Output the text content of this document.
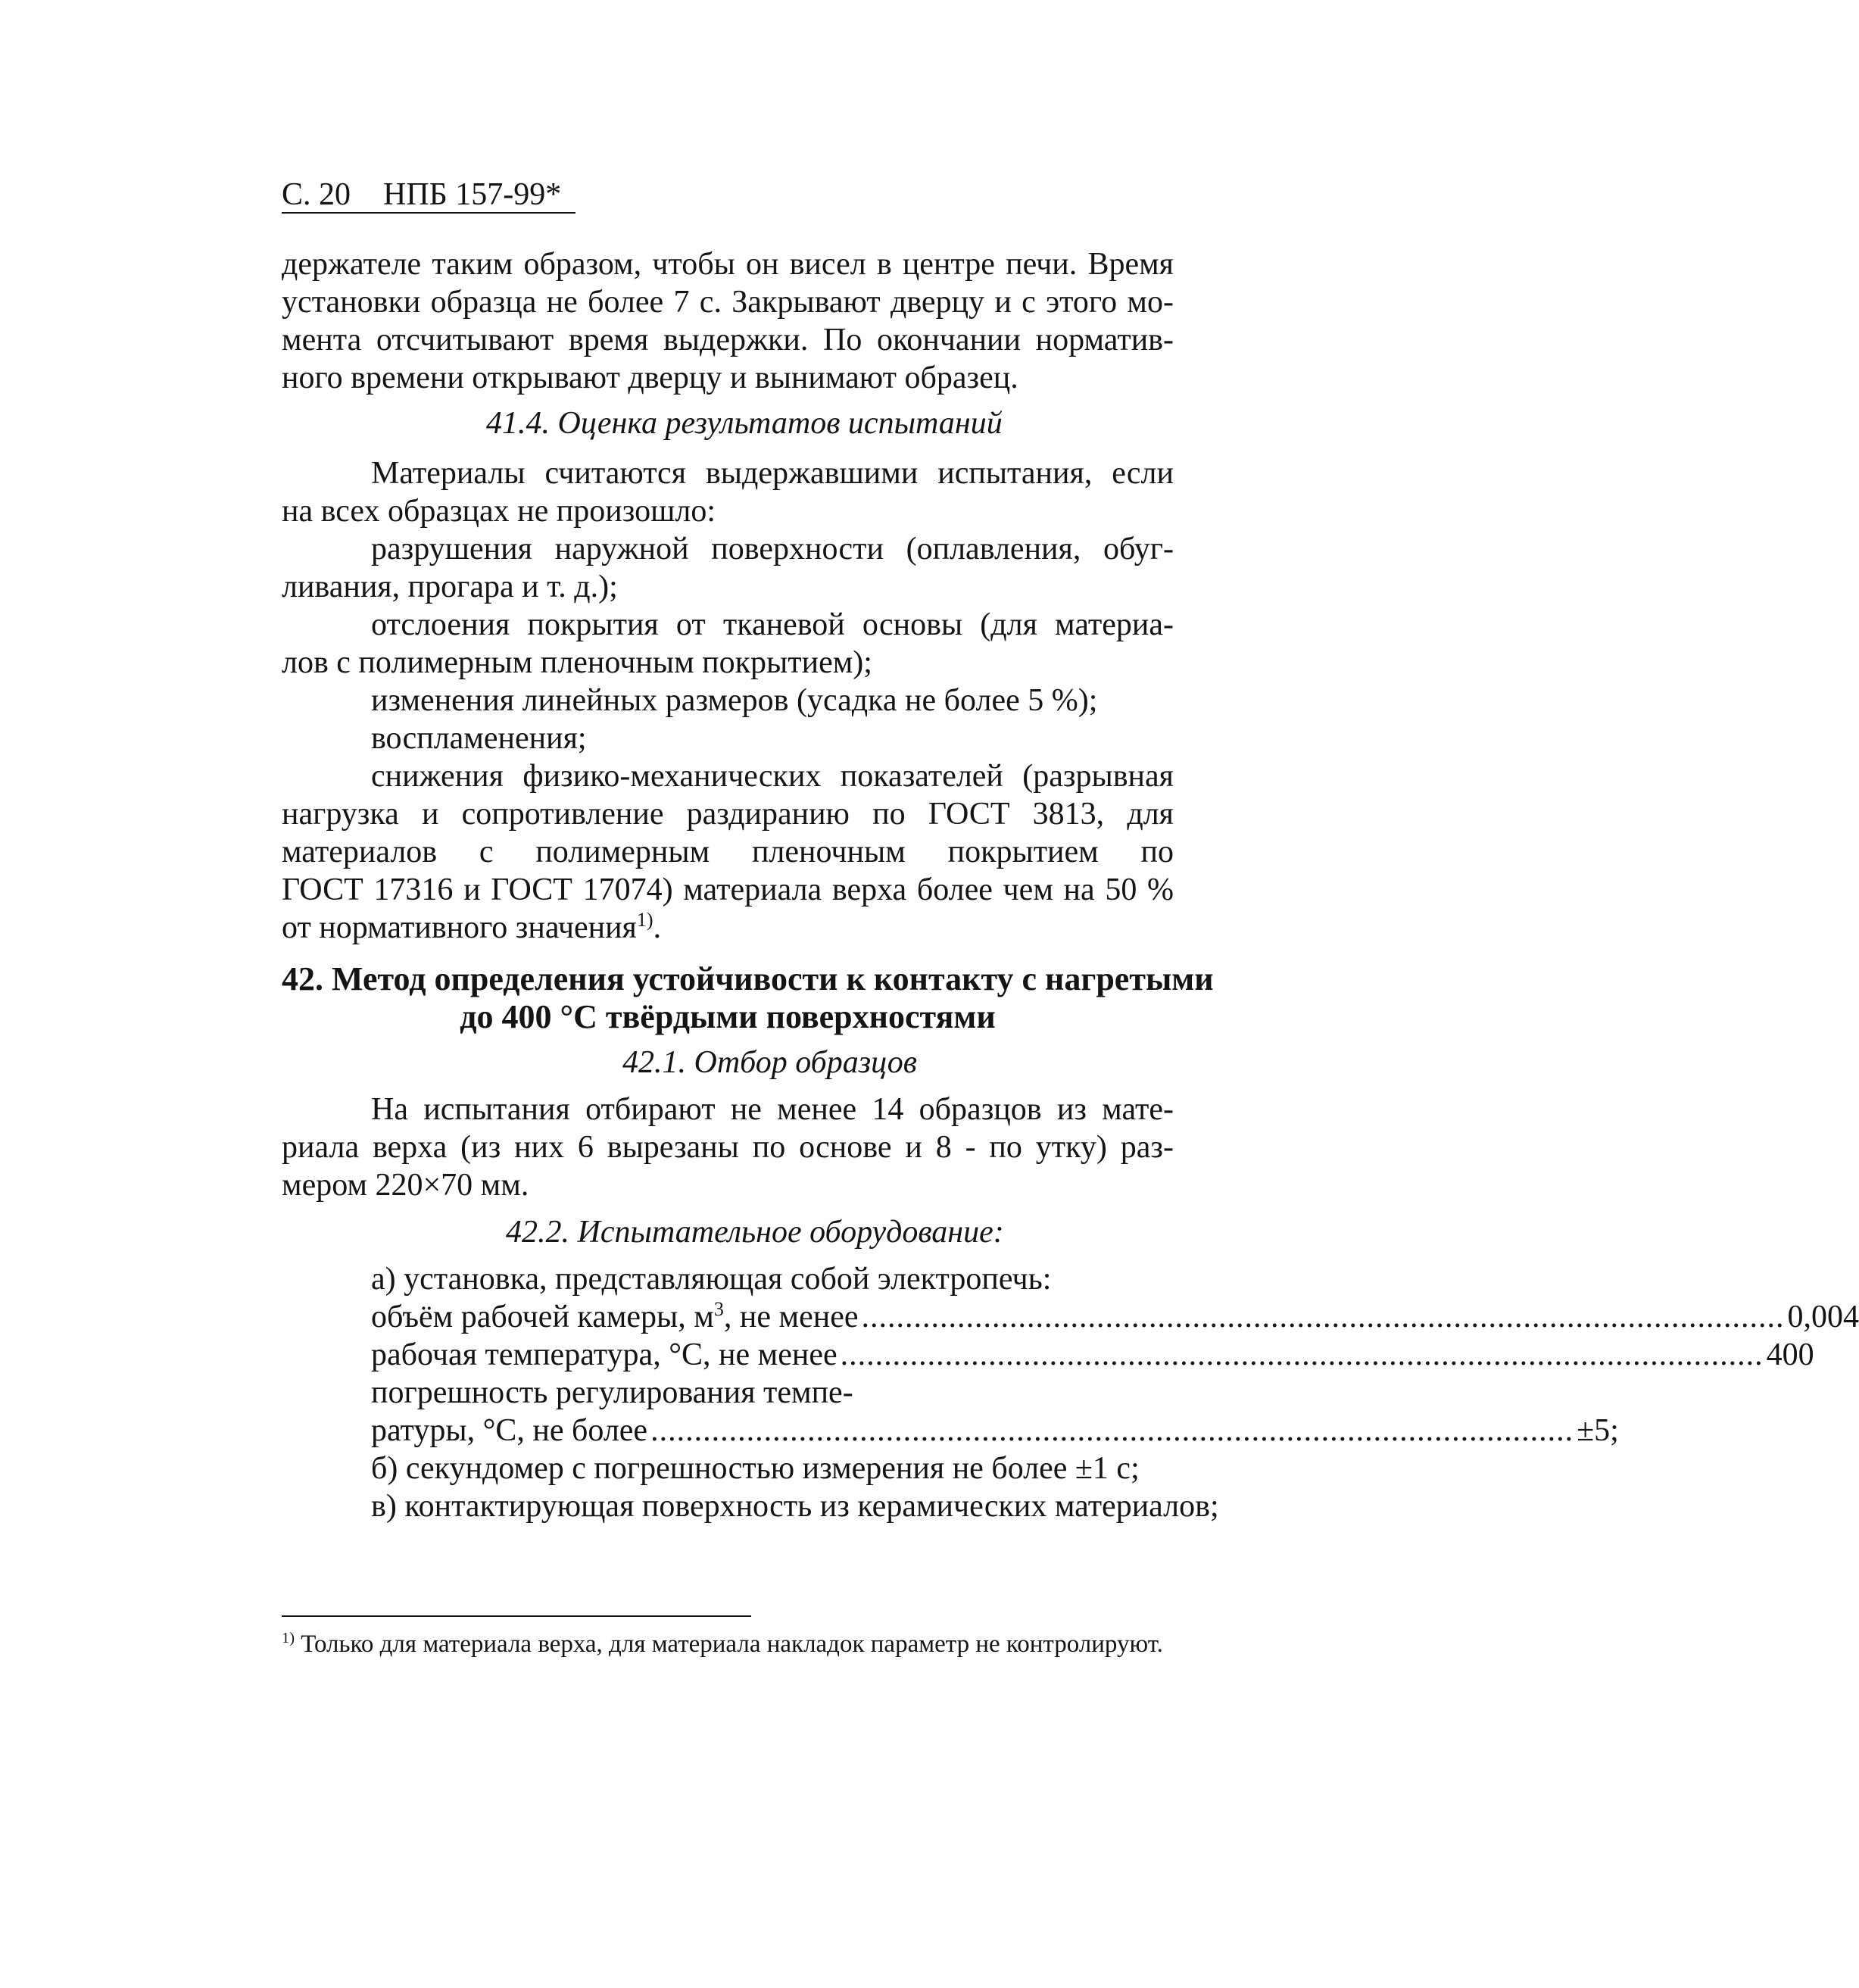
С. 20 НПБ 157-99*
держателе таким образом, чтобы он висел в центре печи. Время
установки образца не более 7 с. Закрывают дверцу и с этого мо-
мента отсчитывают время выдержки. По окончании норматив-
ного времени открывают дверцу и вынимают образец.
41.4. Оценка результатов испытаний
Материалы считаются выдержавшими испытания, если
на всех образцах не произошло:
разрушения наружной поверхности (оплавления, обуг-
ливания, прогара и т. д.);
отслоения покрытия от тканевой основы (для материа-
лов с полимерным пленочным покрытием);
изменения линейных размеров (усадка не более 5 %);
воспламенения;
снижения физико-механических показателей (разрывная
нагрузка и сопротивление раздиранию по ГОСТ 3813, для
материалов с полимерным пленочным покрытием по
ГОСТ 17316 и ГОСТ 17074) материала верха более чем на 50 %
от нормативного значения$^{1)}$.
42. Метод определения устойчивости к контакту с нагретыми
до 400 °С твёрдыми поверхностями
42.1. Отбор образцов
На испытания отбирают не менее 14 образцов из мате-
риала верха (из них 6 вырезаны по основе и 8 - по утку) раз-
мером 220×70 мм.
42.2. Испытательное оборудование:
а) установка, представляющая собой электропечь:
объём рабочей камеры, $м^3$, не менее .......................................................................................................... 0,004
рабочая температура, °С, не менее .......................................................................................................... 400
погрешность регулирования темпе-
ратуры, °С, не более .......................................................................................................... ±5;
б) секундомер с погрешностью измерения не более ±1 с;
в) контактирующая поверхность из керамических материалов;
$^{1)}$ Только для материала верха, для материала накладок параметр не контролируют.
